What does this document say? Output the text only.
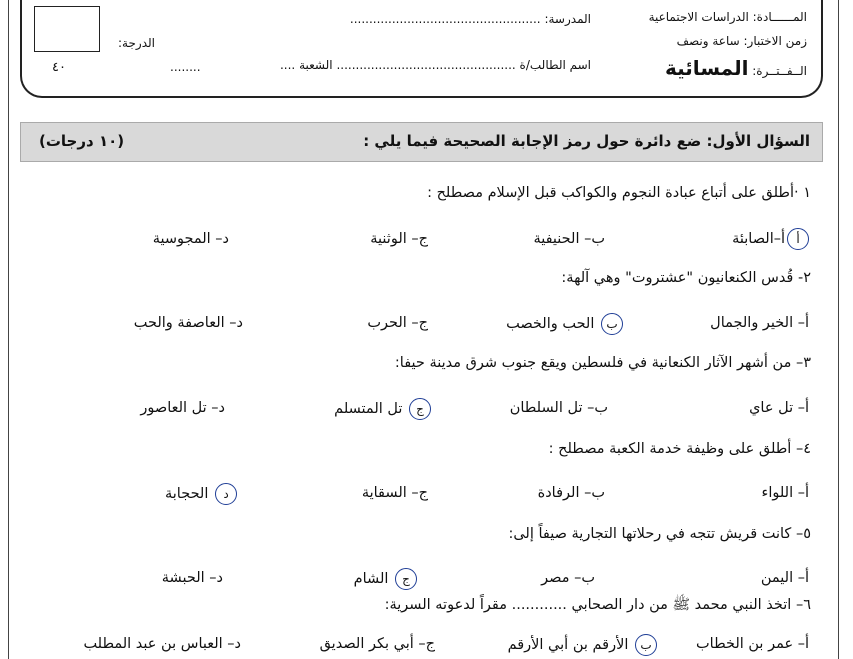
المــــــادة: الدراسات الاجتماعية
زمن الاختبار: ساعة ونصف
الــفــتــرة: المسائية
المدرسة: ..................................................
اسم الطالب/ة ............................................... الشعبة ....
........
الدرجة:
٤٠
السؤال الأول: ضع دائرة حول رمز الإجابة الصحيحة فيما يلي :
(١٠ درجات)
١ ‧أطلق على أتباع عبادة النجوم والكواكب قبل الإسلام مصطلح :
أأ–الصابئة
ب– الحنيفية
ج– الوثنية
د– المجوسية
٢- قُدس الكنعانيون "عشتروت" وهي آلهة:
أ– الخير والجمال
ب الحب والخصب
ج– الحرب
د– العاصفة والحب
٣– من أشهر الآثار الكنعانية في فلسطين ويقع جنوب شرق مدينة حيفا:
أ– تل عاي
ب– تل السلطان
ج تل المتسلم
د– تل العاصور
٤– أطلق على وظيفة خدمة الكعبة مصطلح :
أ– اللواء
ب– الرفادة
ج– السقاية
د الحجابة
٥– كانت قريش تتجه في رحلاتها التجارية صيفاً إلى:
أ– اليمن
ب– مصر
ج الشام
د– الحبشة
٦– اتخذ النبي محمد ﷺ من دار الصحابي ............ مقراً لدعوته السرية:
أ– عمر بن الخطاب
ب الأرقم بن أبي الأرقم
ج– أبي بكر الصديق
د– العباس بن عبد المطلب
